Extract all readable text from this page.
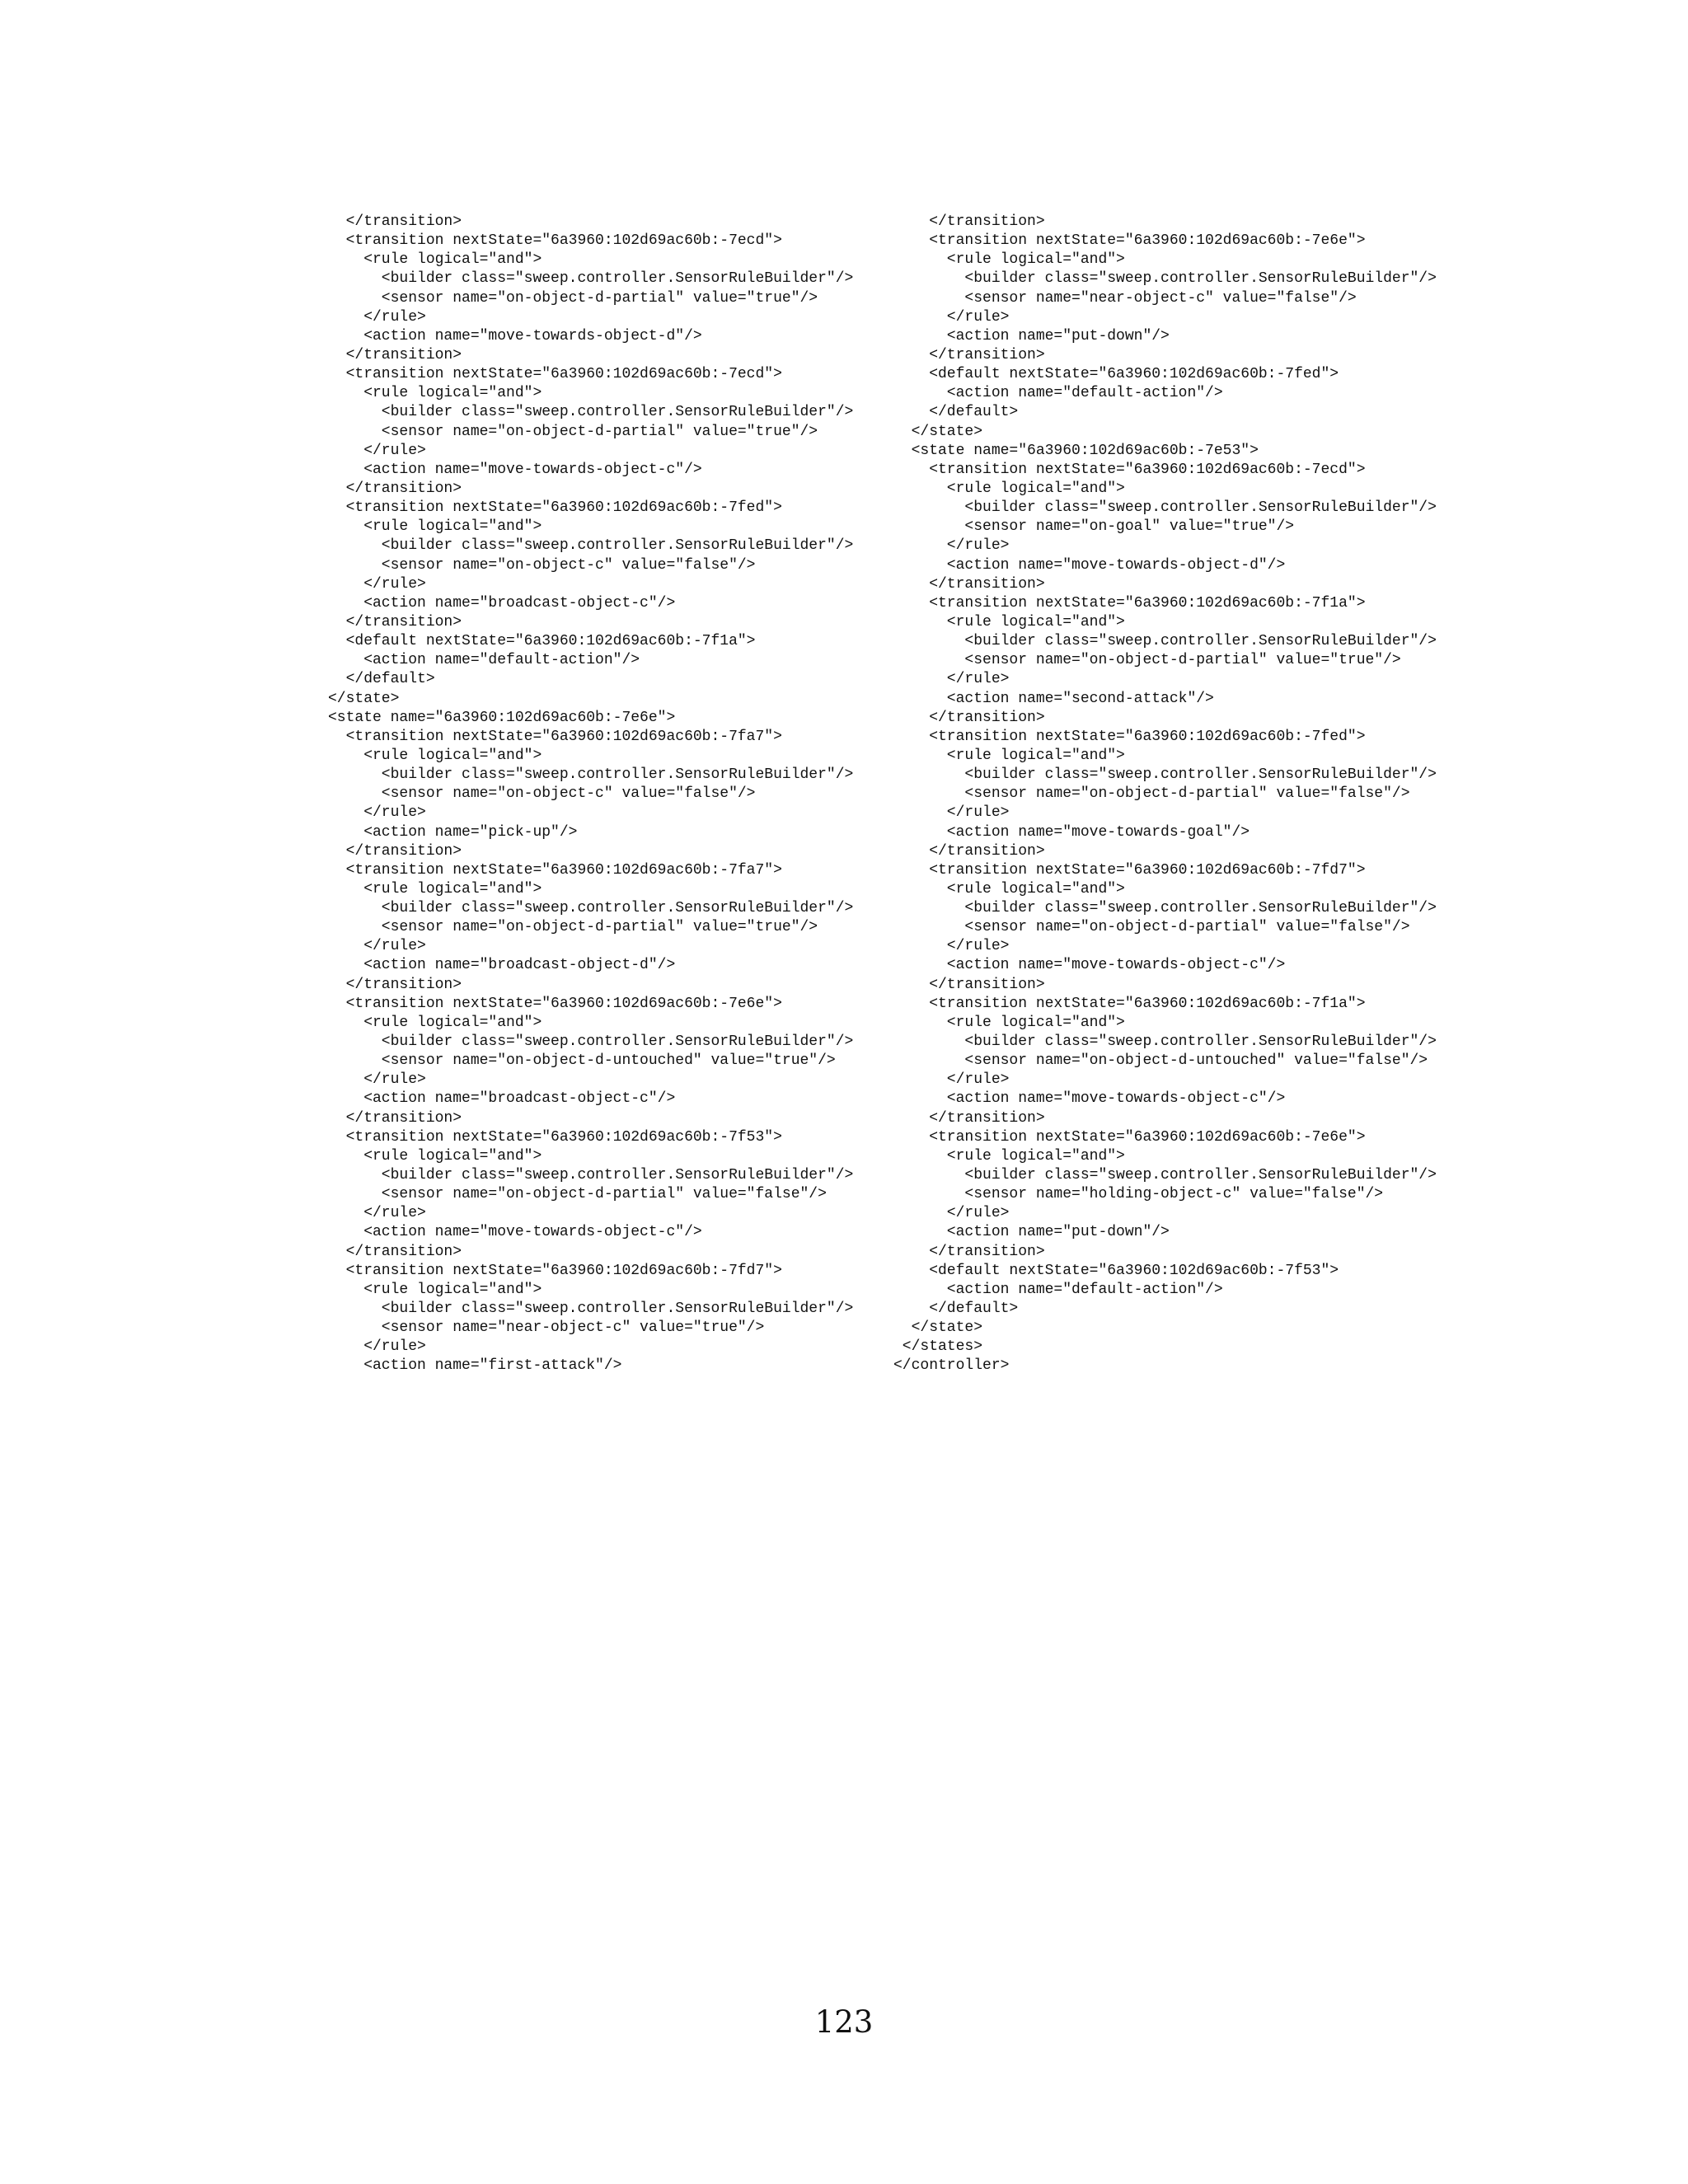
</transition>
<transition nextState="6a3960:102d69ac60b:-7ecd">
<rule logical="and">
<builder class="sweep.controller.SensorRuleBuilder"/>
<sensor name="on-object-d-partial" value="true"/>
</rule>
<action name="move-towards-object-d"/>
</transition>
<transition nextState="6a3960:102d69ac60b:-7ecd">
<rule logical="and">
<builder class="sweep.controller.SensorRuleBuilder"/>
<sensor name="on-object-d-partial" value="true"/>
</rule>
<action name="move-towards-object-c"/>
</transition>
<transition nextState="6a3960:102d69ac60b:-7fed">
<rule logical="and">
<builder class="sweep.controller.SensorRuleBuilder"/>
<sensor name="on-object-c" value="false"/>
</rule>
<action name="broadcast-object-c"/>
</transition>
<default nextState="6a3960:102d69ac60b:-7f1a">
<action name="default-action"/>
</default>
</state>
<state name="6a3960:102d69ac60b:-7e6e">
<transition nextState="6a3960:102d69ac60b:-7fa7">
<rule logical="and">
<builder class="sweep.controller.SensorRuleBuilder"/>
<sensor name="on-object-c" value="false"/>
</rule>
<action name="pick-up"/>
</transition>
<transition nextState="6a3960:102d69ac60b:-7fa7">
<rule logical="and">
<builder class="sweep.controller.SensorRuleBuilder"/>
<sensor name="on-object-d-partial" value="true"/>
</rule>
<action name="broadcast-object-d"/>
</transition>
<transition nextState="6a3960:102d69ac60b:-7e6e">
<rule logical="and">
<builder class="sweep.controller.SensorRuleBuilder"/>
<sensor name="on-object-d-untouched" value="true"/>
</rule>
<action name="broadcast-object-c"/>
</transition>
<transition nextState="6a3960:102d69ac60b:-7f53">
<rule logical="and">
<builder class="sweep.controller.SensorRuleBuilder"/>
<sensor name="on-object-d-partial" value="false"/>
</rule>
<action name="move-towards-object-c"/>
</transition>
<transition nextState="6a3960:102d69ac60b:-7fd7">
<rule logical="and">
<builder class="sweep.controller.SensorRuleBuilder"/>
<sensor name="near-object-c" value="true"/>
</rule>
<action name="first-attack"/>
</transition>
<transition nextState="6a3960:102d69ac60b:-7e6e">
<rule logical="and">
<builder class="sweep.controller.SensorRuleBuilder"/>
<sensor name="near-object-c" value="false"/>
</rule>
<action name="put-down"/>
</transition>
<default nextState="6a3960:102d69ac60b:-7fed">
<action name="default-action"/>
</default>
</state>
<state name="6a3960:102d69ac60b:-7e53">
<transition nextState="6a3960:102d69ac60b:-7ecd">
<rule logical="and">
<builder class="sweep.controller.SensorRuleBuilder"/>
<sensor name="on-goal" value="true"/>
</rule>
<action name="move-towards-object-d"/>
</transition>
<transition nextState="6a3960:102d69ac60b:-7f1a">
<rule logical="and">
<builder class="sweep.controller.SensorRuleBuilder"/>
<sensor name="on-object-d-partial" value="true"/>
</rule>
<action name="second-attack"/>
</transition>
<transition nextState="6a3960:102d69ac60b:-7fed">
<rule logical="and">
<builder class="sweep.controller.SensorRuleBuilder"/>
<sensor name="on-object-d-partial" value="false"/>
</rule>
<action name="move-towards-goal"/>
</transition>
<transition nextState="6a3960:102d69ac60b:-7fd7">
<rule logical="and">
<builder class="sweep.controller.SensorRuleBuilder"/>
<sensor name="on-object-d-partial" value="false"/>
</rule>
<action name="move-towards-object-c"/>
</transition>
<transition nextState="6a3960:102d69ac60b:-7f1a">
<rule logical="and">
<builder class="sweep.controller.SensorRuleBuilder"/>
<sensor name="on-object-d-untouched" value="false"/>
</rule>
<action name="move-towards-object-c"/>
</transition>
<transition nextState="6a3960:102d69ac60b:-7e6e">
<rule logical="and">
<builder class="sweep.controller.SensorRuleBuilder"/>
<sensor name="holding-object-c" value="false"/>
</rule>
<action name="put-down"/>
</transition>
<default nextState="6a3960:102d69ac60b:-7f53">
<action name="default-action"/>
</default>
</state>
</states>
</controller>
123
